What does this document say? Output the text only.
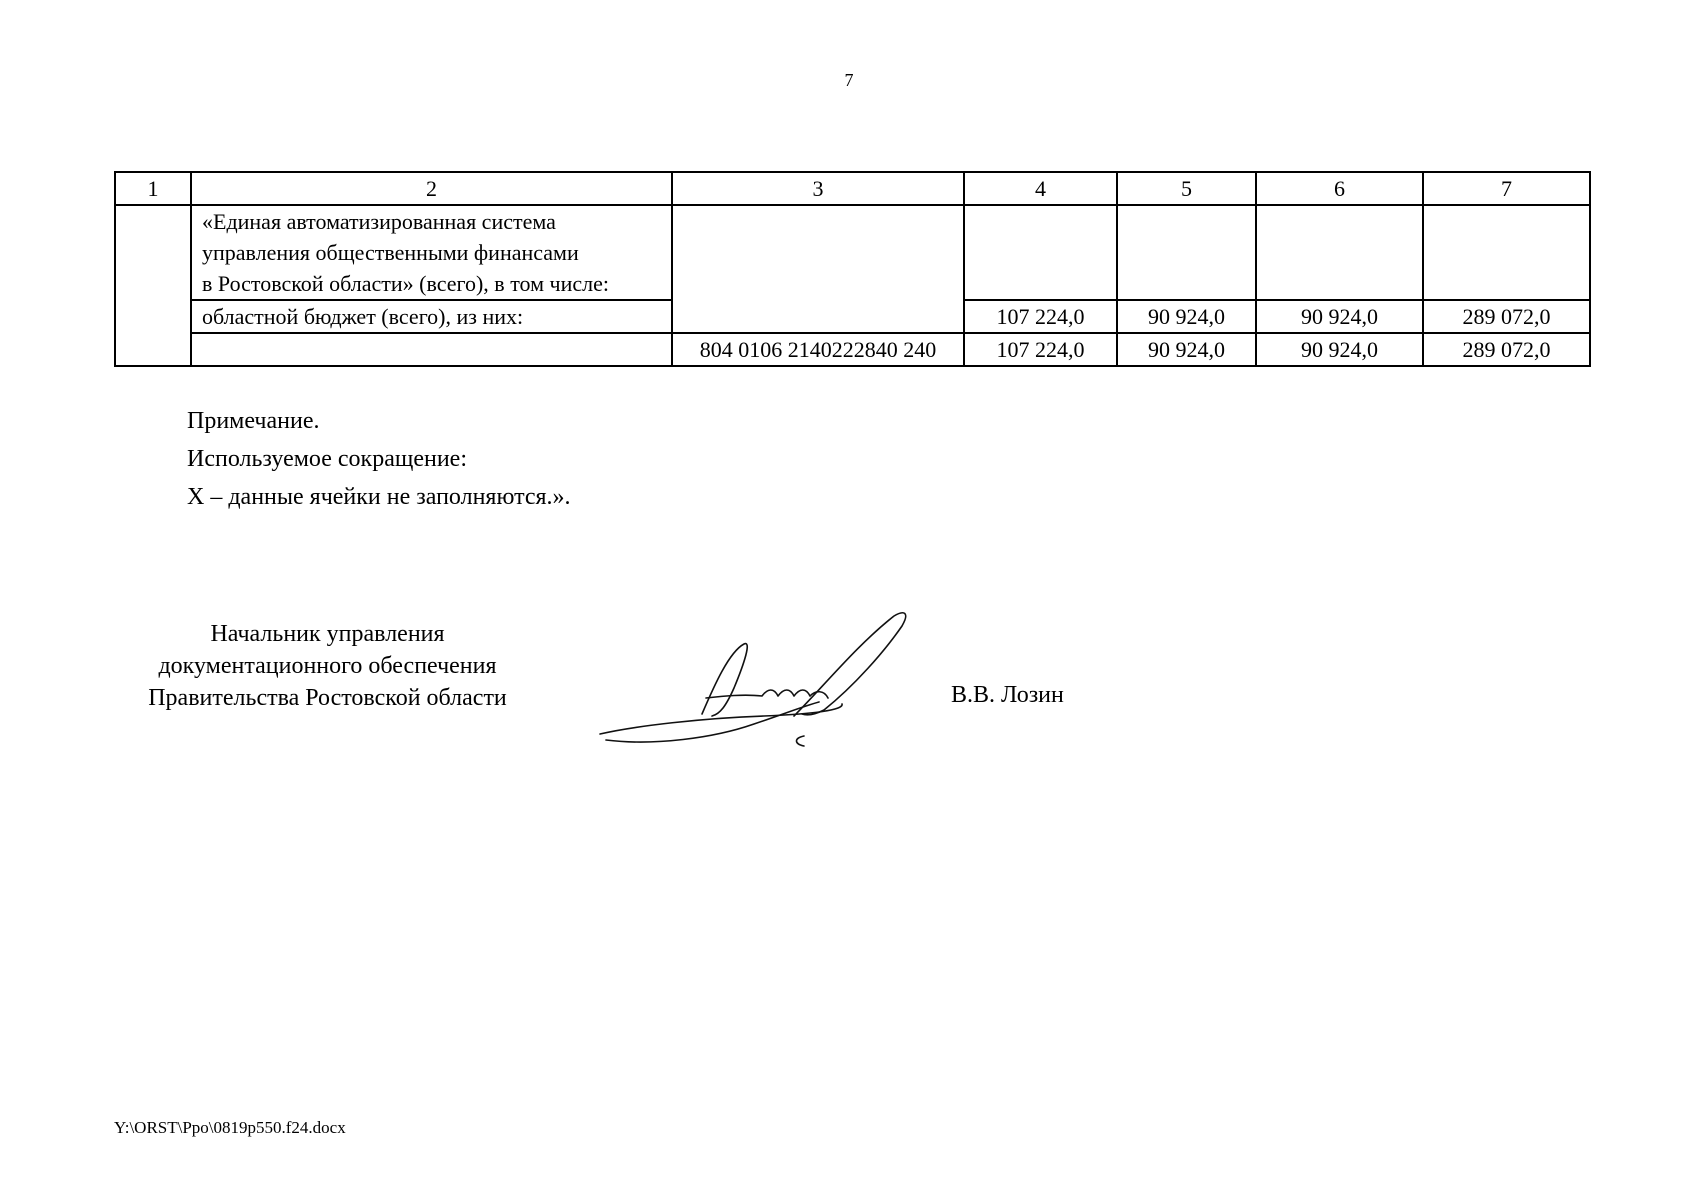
7
1	2	3	4	5	6	7

	«Единая автоматизированная система
управления общественными финансами
в Ростовской области» (всего), в том числе:					

	областной бюджет (всего), из них:		107 224,0	90 924,0	90 924,0	289 072,0
		804 0106 2140222840 240	107 224,0	90 924,0	90 924,0	289 072,0
Примечание.
Используемое сокращение:
X – данные ячейки не заполняются.».
Начальник управления
документационного обеспечения
Правительства Ростовской области	В.В. Лозин
Y:\ORST\Ppo\0819p550.f24.docx
